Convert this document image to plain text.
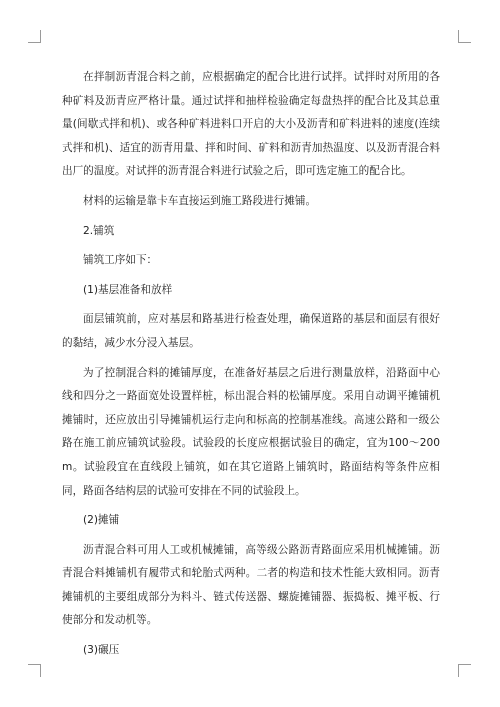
在拌制沥青混合料之前，应根据确定的配合比进行试拌。试拌时对所用的各种矿料及沥青应严格计量。通过试拌和抽样检验确定每盘热拌的配合比及其总重量(间歇式拌和机)、或各种矿料进料口开启的大小及沥青和矿料进料的速度(连续式拌和机)、适宜的沥青用量、拌和时间、矿料和沥青加热温度、以及沥青混合料出厂的温度。对试拌的沥青混合料进行试验之后，即可选定施工的配合比。

材料的运输是靠卡车直接运到施工路段进行摊铺。

2.铺筑

铺筑工序如下：

(1)基层准备和放样

面层铺筑前，应对基层和路基进行检查处理，确保道路的基层和面层有很好的黏结，减少水分浸入基层。

为了控制混合料的摊铺厚度，在准备好基层之后进行测量放样，沿路面中心线和四分之一路面宽处设置样桩，标出混合料的松铺厚度。采用自动调平摊铺机摊铺时，还应放出引导摊铺机运行走向和标高的控制基准线。高速公路和一级公路在施工前应铺筑试验段。试验段的长度应根据试验目的确定，宜为100～200m。试验段宜在直线段上铺筑，如在其它道路上铺筑时，路面结构等条件应相同，路面各结构层的试验可安排在不同的试验段上。

(2)摊铺

沥青混合料可用人工或机械摊铺，高等级公路沥青路面应采用机械摊铺。沥青混合料摊铺机有履带式和轮胎式两种。二者的构造和技术性能大致相同。沥青摊铺机的主要组成部分为料斗、链式传送器、螺旋摊铺器、振捣板、摊平板、行使部分和发动机等。

(3)碾压
